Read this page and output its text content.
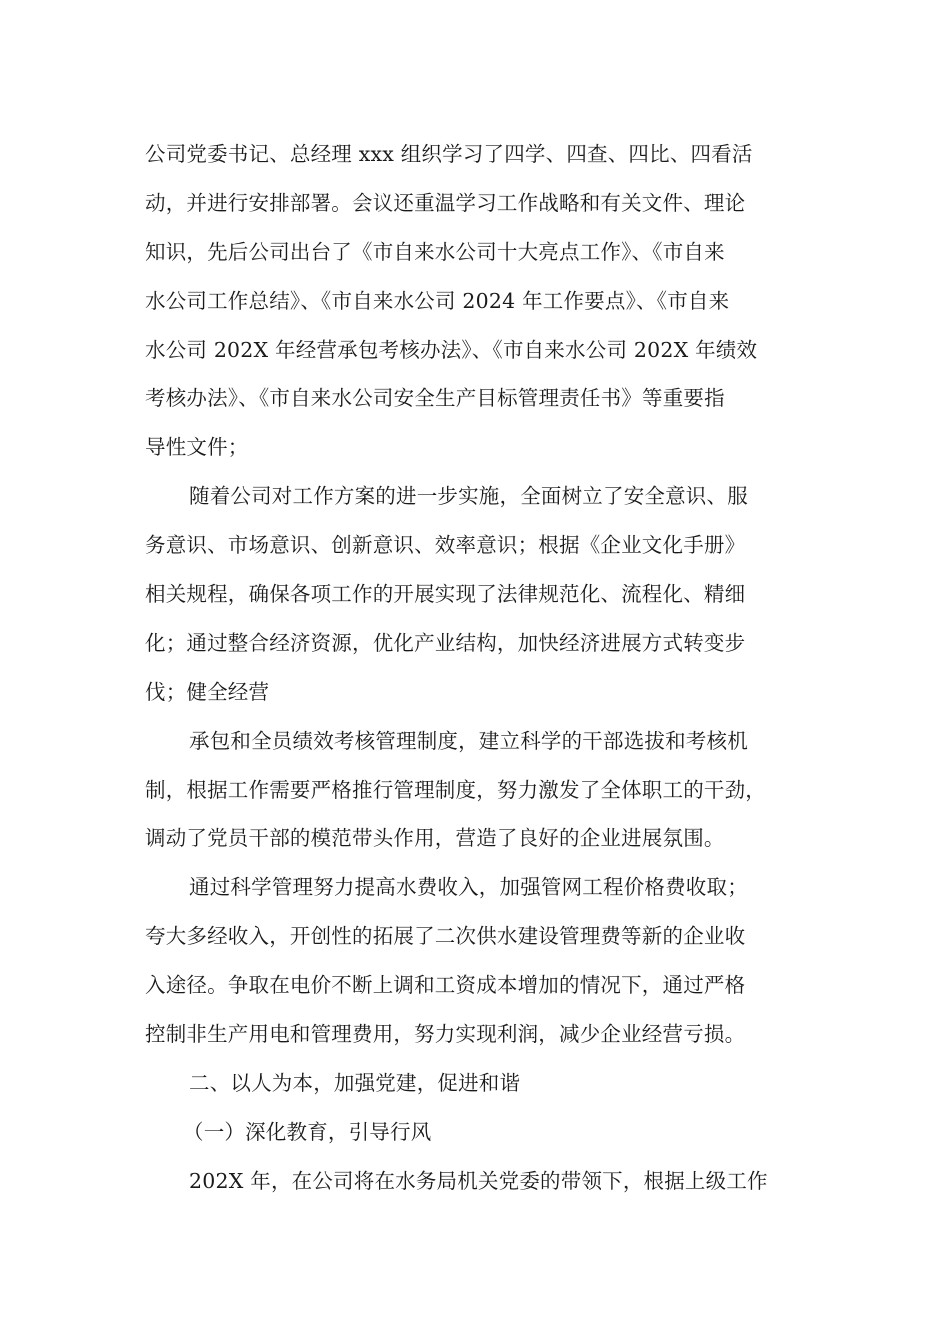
公司党委书记、总经理 xxx 组织学习了四学、四查、四比、四看活
动，并进行安排部署。会议还重温学习工作战略和有关文件、理论
知识，先后公司出台了《市自来水公司十大亮点工作》、《市自来
水公司工作总结》、《市自来水公司 2024 年工作要点》、《市自来
水公司 202X 年经营承包考核办法》、《市自来水公司 202X 年绩效
考核办法》、《市自来水公司安全生产目标管理责任书》等重要指
导性文件；
随着公司对工作方案的进一步实施，全面树立了安全意识、服
务意识、市场意识、创新意识、效率意识；根据《企业文化手册》
相关规程，确保各项工作的开展实现了法律规范化、流程化、精细
化；通过整合经济资源，优化产业结构，加快经济进展方式转变步
伐；健全经营
承包和全员绩效考核管理制度，建立科学的干部选拔和考核机
制，根据工作需要严格推行管理制度，努力激发了全体职工的干劲，
调动了党员干部的模范带头作用，营造了良好的企业进展氛围。
通过科学管理努力提高水费收入，加强管网工程价格费收取；
夸大多经收入，开创性的拓展了二次供水建设管理费等新的企业收
入途径。争取在电价不断上调和工资成本增加的情况下，通过严格
控制非生产用电和管理费用，努力实现利润，减少企业经营亏损。
二、以人为本，加强党建，促进和谐
（一）深化教育，引导行风
202X 年，在公司将在水务局机关党委的带领下，根据上级工作
